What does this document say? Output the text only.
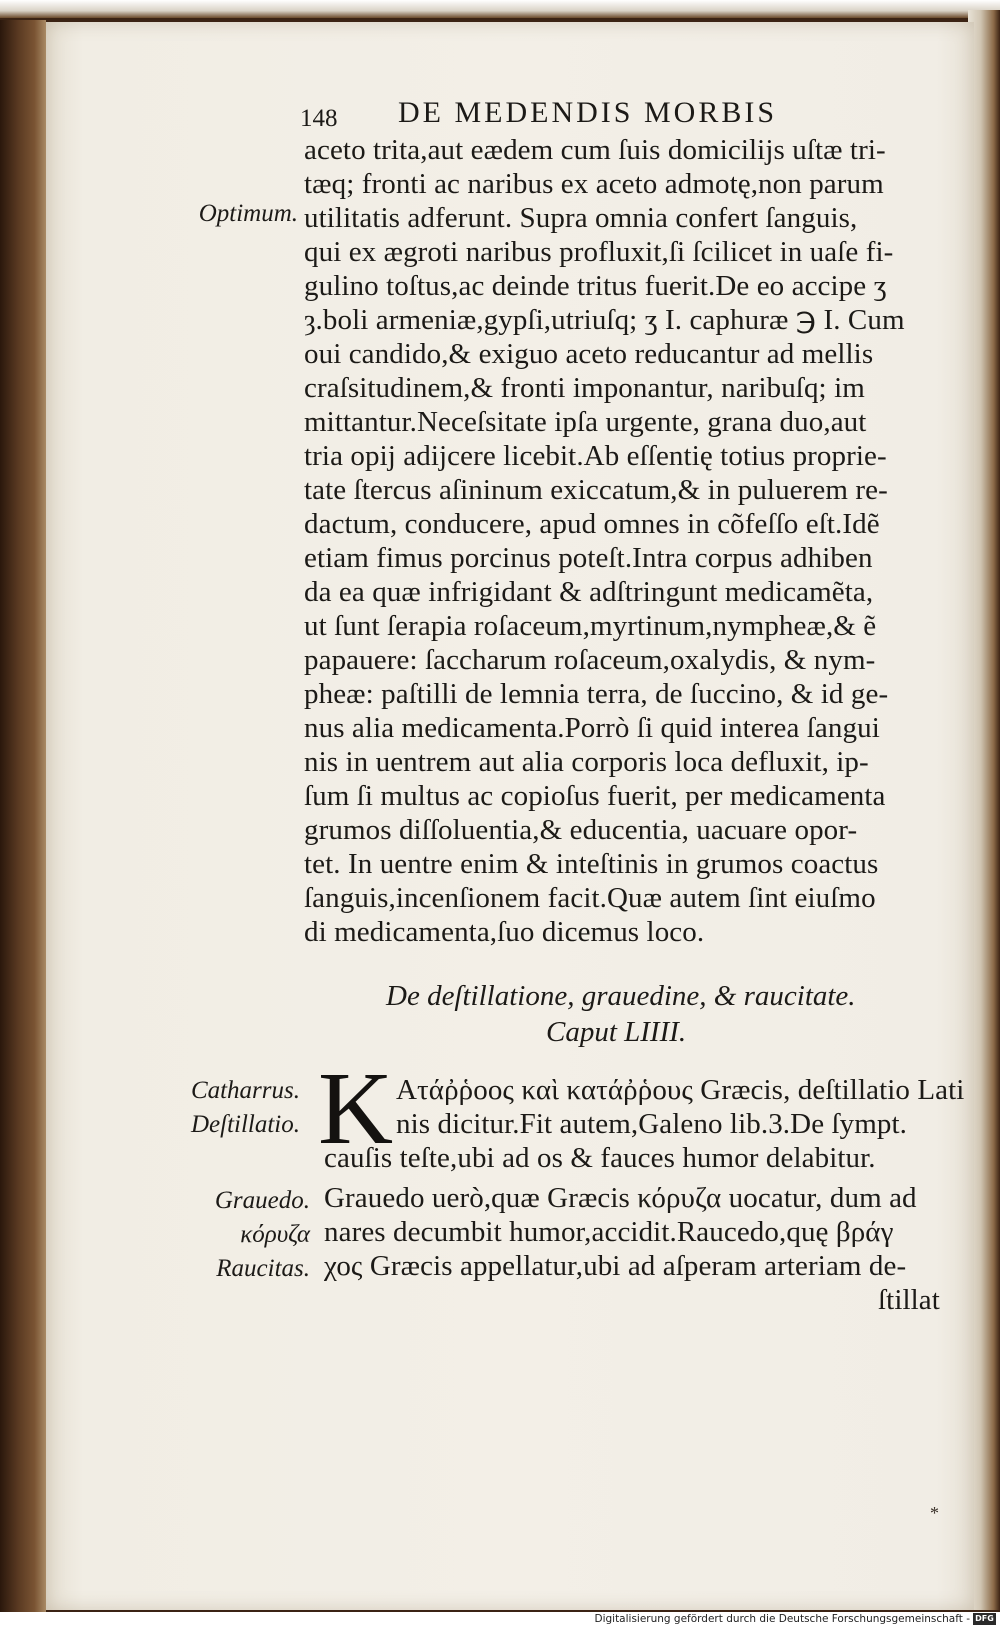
148 DE MEDENDIS MORBIS
Optimum.
aceto trita,aut eædem cum ſuis domicilijs uſtæ tri-
tæq; fronti ac naribus ex aceto admotę,non parum
utilitatis adferunt. Supra omnia confert ſanguis,
qui ex ægroti naribus profluxit,ſi ſcilicet in uaſe fi-
gulino toſtus,ac deinde tritus fuerit.De eo accipe ʒ
ȝ.boli armeniæ,gypſi,utriuſq; ʒ I. caphuræ ℈ I. Cum
oui candido,& exiguo aceto reducantur ad mellis
craſsitudinem,& fronti imponantur, naribuſq; im
mittantur.Neceſsitate ipſa urgente, grana duo,aut
tria opij adijcere licebit.Ab eſſentię totius proprie-
tate ſtercus aſininum exiccatum,& in puluerem re-
dactum, conducere, apud omnes in cõfeſſo eſt.Idẽ
etiam fimus porcinus poteſt.Intra corpus adhiben
da ea quæ infrigidant & adſtringunt medicamẽta,
ut ſunt ſerapia roſaceum,myrtinum,nympheæ,& ẽ
papauere: ſaccharum roſaceum,oxalydis, & nym-
pheæ: paſtilli de lemnia terra, de ſuccino, & id ge-
nus alia medicamenta.Porrò ſi quid interea ſangui
nis in uentrem aut alia corporis loca defluxit, ip-
ſum ſi multus ac copioſus fuerit, per medicamenta
grumos diſſoluentia,& educentia, uacuare opor-
tet. In uentre enim & inteſtinis in grumos coactus
ſanguis,incenſionem facit.Quæ autem ſint eiuſmo
di medicamenta,ſuo dicemus loco.
De deſtillatione, grauedine, & raucitate.
Caput LIIII.
Catharrus.
Deſtillatio.
Grauedo.
κόρυζα
Raucitas.
K Ατάῤῥοος καὶ κατάῤῥους Græcis, deſtillatio Lati
nis dicitur.Fit autem,Galeno lib.3.De ſympt.
cauſis teſte,ubi ad os & fauces humor delabitur.
Grauedo uerò,quæ Græcis κόρυζα uocatur, dum ad
nares decumbit humor,accidit.Raucedo,quę βράγ
χος Græcis appellatur,ubi ad aſperam arteriam de-
ſtillat
*
Digitalisierung gefördert durch die Deutsche Forschungsgemeinschaft - DFG
